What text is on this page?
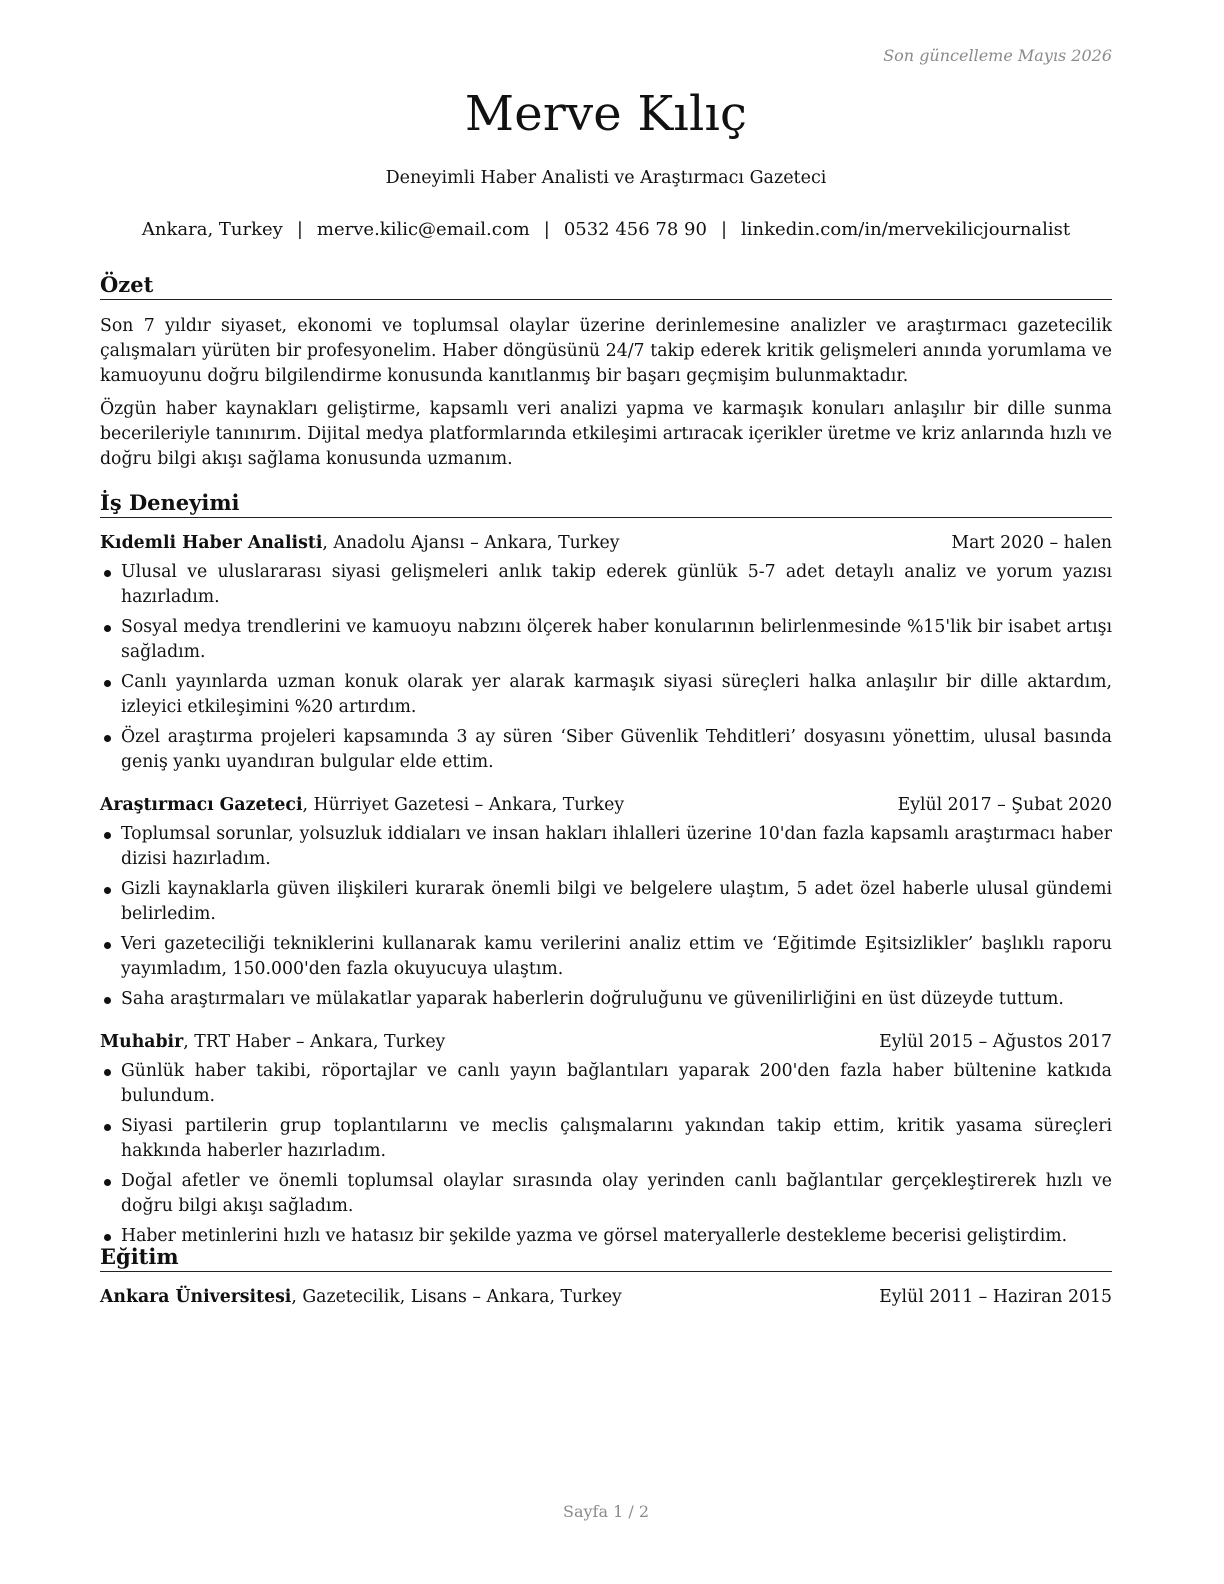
Son güncelleme Mayıs 2026
Merve Kılıç
Deneyimli Haber Analisti ve Araştırmacı Gazeteci
Ankara, Turkey | merve.kilic@email.com | 0532 456 78 90 | linkedin.com/in/mervekilicjournalist
Özet

Son 7 yıldır siyaset, ekonomi ve toplumsal olaylar üzerine derinlemesine analizler ve araştırmacı gazetecilik çalışmaları yürüten bir profesyonelim. Haber döngüsünü 24/7 takip ederek kritik gelişmeleri anında yorumlama ve kamuoyunu doğru bilgilendirme konusunda kanıtlanmış bir başarı geçmişim bulunmaktadır.

Özgün haber kaynakları geliştirme, kapsamlı veri analizi yapma ve karmaşık konuları anlaşılır bir dille sunma becerileriyle tanınırım. Dijital medya platformlarında etkileşimi artıracak içerikler üretme ve kriz anlarında hızlı ve doğru bilgi akışı sağlama konusunda uzmanım.

İş Deneyimi
Kıdemli Haber Analisti, Anadolu Ajansı – Ankara, Turkey	Mart 2020 – halen
Ulusal ve uluslararası siyasi gelişmeleri anlık takip ederek günlük 5-7 adet detaylı analiz ve yorum yazısı hazırladım.
Sosyal medya trendlerini ve kamuoyu nabzını ölçerek haber konularının belirlenmesinde %15'lik bir isabet artışı sağladım.
Canlı yayınlarda uzman konuk olarak yer alarak karmaşık siyasi süreçleri halka anlaşılır bir dille aktardım, izleyici etkileşimini %20 artırdım.
Özel araştırma projeleri kapsamında 3 ay süren ‘Siber Güvenlik Tehditleri’ dosyasını yönettim, ulusal basında geniş yankı uyandıran bulgular elde ettim.
Araştırmacı Gazeteci, Hürriyet Gazetesi – Ankara, Turkey	Eylül 2017 – Şubat 2020
Toplumsal sorunlar, yolsuzluk iddiaları ve insan hakları ihlalleri üzerine 10'dan fazla kapsamlı araştırmacı haber dizisi hazırladım.
Gizli kaynaklarla güven ilişkileri kurarak önemli bilgi ve belgelere ulaştım, 5 adet özel haberle ulusal gündemi belirledim.
Veri gazeteciliği tekniklerini kullanarak kamu verilerini analiz ettim ve ‘Eğitimde Eşitsizlikler’ başlıklı raporu yayımladım, 150.000'den fazla okuyucuya ulaştım.
Saha araştırmaları ve mülakatlar yaparak haberlerin doğruluğunu ve güvenilirliğini en üst düzeyde tuttum.
Muhabir, TRT Haber – Ankara, Turkey	Eylül 2015 – Ağustos 2017
Günlük haber takibi, röportajlar ve canlı yayın bağlantıları yaparak 200'den fazla haber bültenine katkıda bulundum.
Siyasi partilerin grup toplantılarını ve meclis çalışmalarını yakından takip ettim, kritik yasama süreçleri hakkında haberler hazırladım.
Doğal afetler ve önemli toplumsal olaylar sırasında olay yerinden canlı bağlantılar gerçekleştirerek hızlı ve doğru bilgi akışı sağladım.
Haber metinlerini hızlı ve hatasız bir şekilde yazma ve görsel materyallerle destekleme becerisi geliştirdim.
Eğitim
Ankara Üniversitesi, Gazetecilik, Lisans – Ankara, Turkey	Eylül 2011 – Haziran 2015
Sayfa 1 / 2
